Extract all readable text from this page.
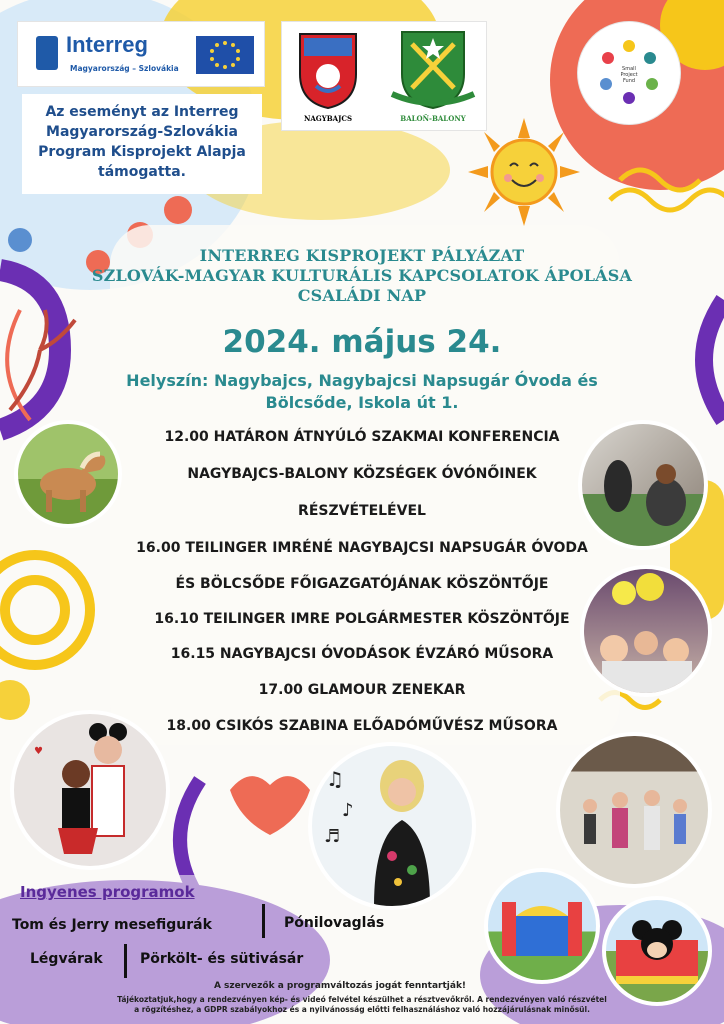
Interreg
Magyarország – Szlovákia
NAGYBAJCS	BALOŇ-BALONY
Small Project Fund
Az eseményt az Interreg Magyarország-Szlovákia Program Kisprojekt Alapja támogatta.
INTERREG KISPROJEKT PÁLYÁZAT
SZLOVÁK-MAGYAR KULTURÁLIS KAPCSOLATOK ÁPOLÁSA
CSALÁDI NAP
2024. május 24.
Helyszín: Nagybajcs, Nagybajcsi Napsugár Óvoda és
Bölcsőde, Iskola út 1.
12.00 HATÁRON ÁTNYÚLÓ SZAKMAI KONFERENCIA
NAGYBAJCS-BALONY KÖZSÉGEK ÓVÓNŐINEK
RÉSZVÉTELÉVEL
16.00 TEILINGER IMRÉNÉ NAGYBAJCSI NAPSUGÁR ÓVODA
ÉS BÖLCSŐDE FŐIGAZGATÓJÁNAK KÖSZÖNTŐJE
16.10 TEILINGER IMRE POLGÁRMESTER KÖSZÖNTŐJE
16.15 NAGYBAJCSI ÓVODÁSOK ÉVZÁRÓ MŰSORA
17.00 GLAMOUR ZENEKAR
18.00 CSIKÓS SZABINA ELŐADÓMŰVÉSZ MŰSORA
♥
♫
♪
♬
Ingyenes programok
Tom és Jerry mesefigurák	Pónilovaglás
Légvárak	Pörkölt- és sütivásár
A szervezők a programváltozás jogát fenntartják!
Tájékoztatjuk,hogy a rendezvényen kép- és videó felvétel készülhet a résztvevőkről. A rendezvényen való részvétel
a rögzítéshez, a GDPR szabályokhoz és a nyilvánosság előtti felhasználáshoz való hozzájárulásnak minősül.
